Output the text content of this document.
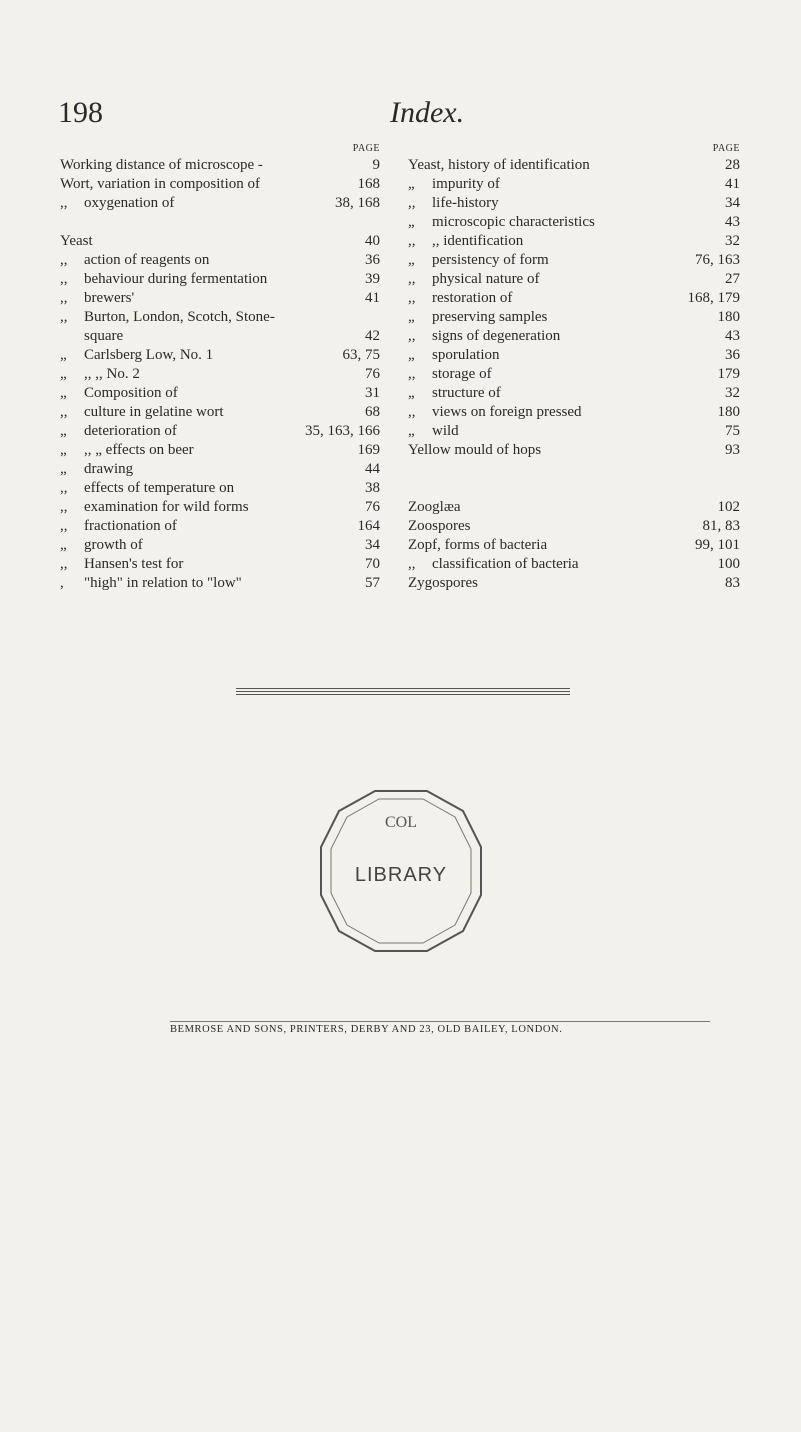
198	Index.
PAGE
Working distance of microscope -	9
Wort, variation in composition of	168
,,	oxygenation of	38, 168
Yeast	40
,,	action of reagents on	36
,,	behaviour during fermentation	39
,,	brewers'	41
,,	Burton, London, Scotch, Stone-
square	42
„	Carlsberg Low, No. 1	63, 75
„	,, ,, No. 2	76
„	Composition of	31
,,	culture in gelatine wort	68
„	deterioration of	35, 163, 166
„	,, „ effects on beer	169
„	drawing	44
,,	effects of temperature on	38
,,	examination for wild forms	76
,,	fractionation of	164
„	growth of	34
,,	Hansen's test for	70
,	"high" in relation to "low"	57
PAGE
Yeast, history of identification	28
„	impurity of	41
,,	life-history	34
„	microscopic characteristics	43
,,	,, identification	32
„	persistency of form	76, 163
,,	physical nature of	27
,,	restoration of	168, 179
„	preserving samples	180
,,	signs of degeneration	43
„	sporulation	36
,,	storage of	179
„	structure of	32
,,	views on foreign pressed	180
„	wild	75
Yellow mould of hops	93
Zooglæa	102
Zoospores	81, 83
Zopf, forms of bacteria	99, 101
,,	classification of bacteria	100
Zygospores	83
COL
LIBRARY
BEMROSE AND SONS, PRINTERS, DERBY AND 23, OLD BAILEY, LONDON.
